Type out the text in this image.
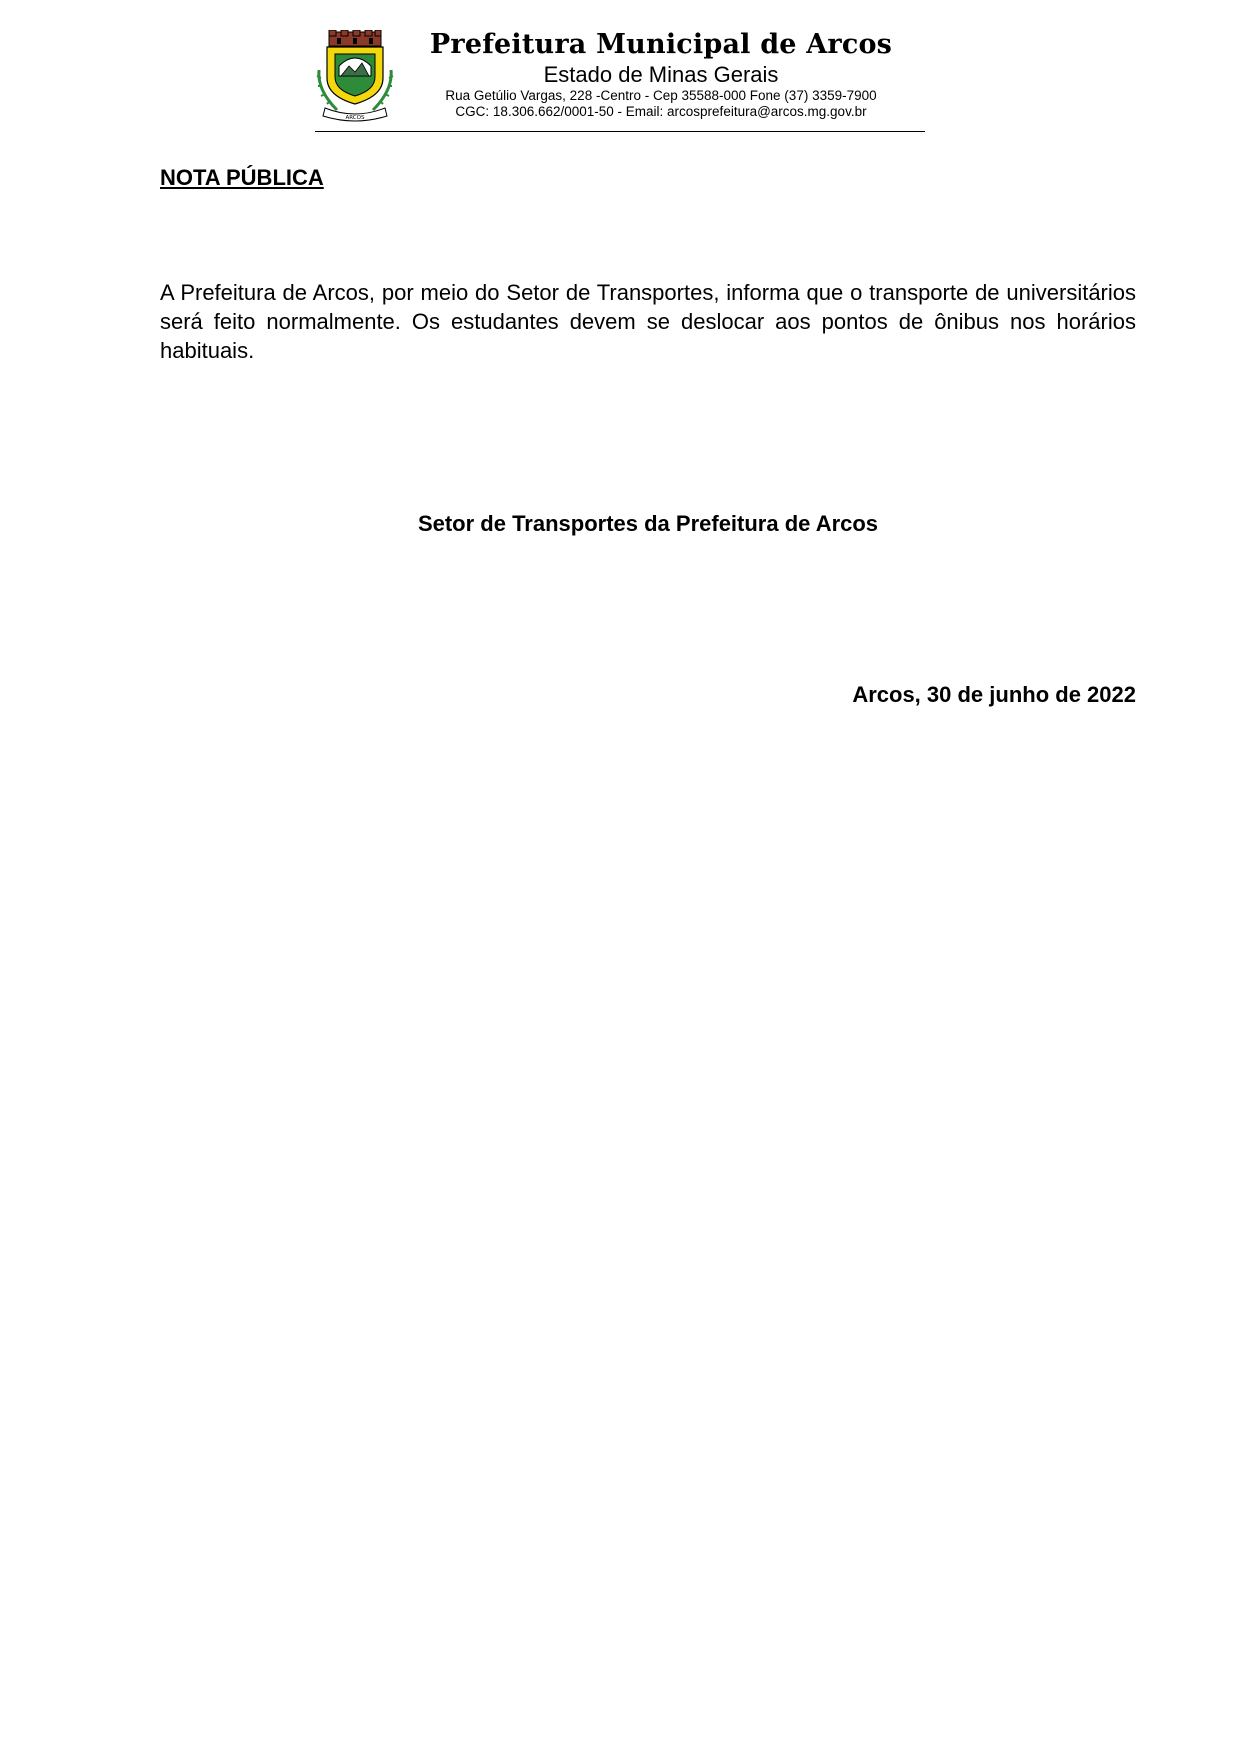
ARCOS
Prefeitura Municipal de Arcos
Estado de Minas Gerais
Rua Getúlio Vargas, 228 -Centro - Cep 35588-000 Fone (37) 3359-7900
CGC: 18.306.662/0001-50 - Email: arcosprefeitura@arcos.mg.gov.br
NOTA PÚBLICA
A Prefeitura de Arcos, por meio do Setor de Transportes, informa que o transporte de universitários será feito normalmente. Os estudantes devem se deslocar aos pontos de ônibus nos horários habituais.
Setor de Transportes da Prefeitura de Arcos
Arcos, 30 de junho de 2022
